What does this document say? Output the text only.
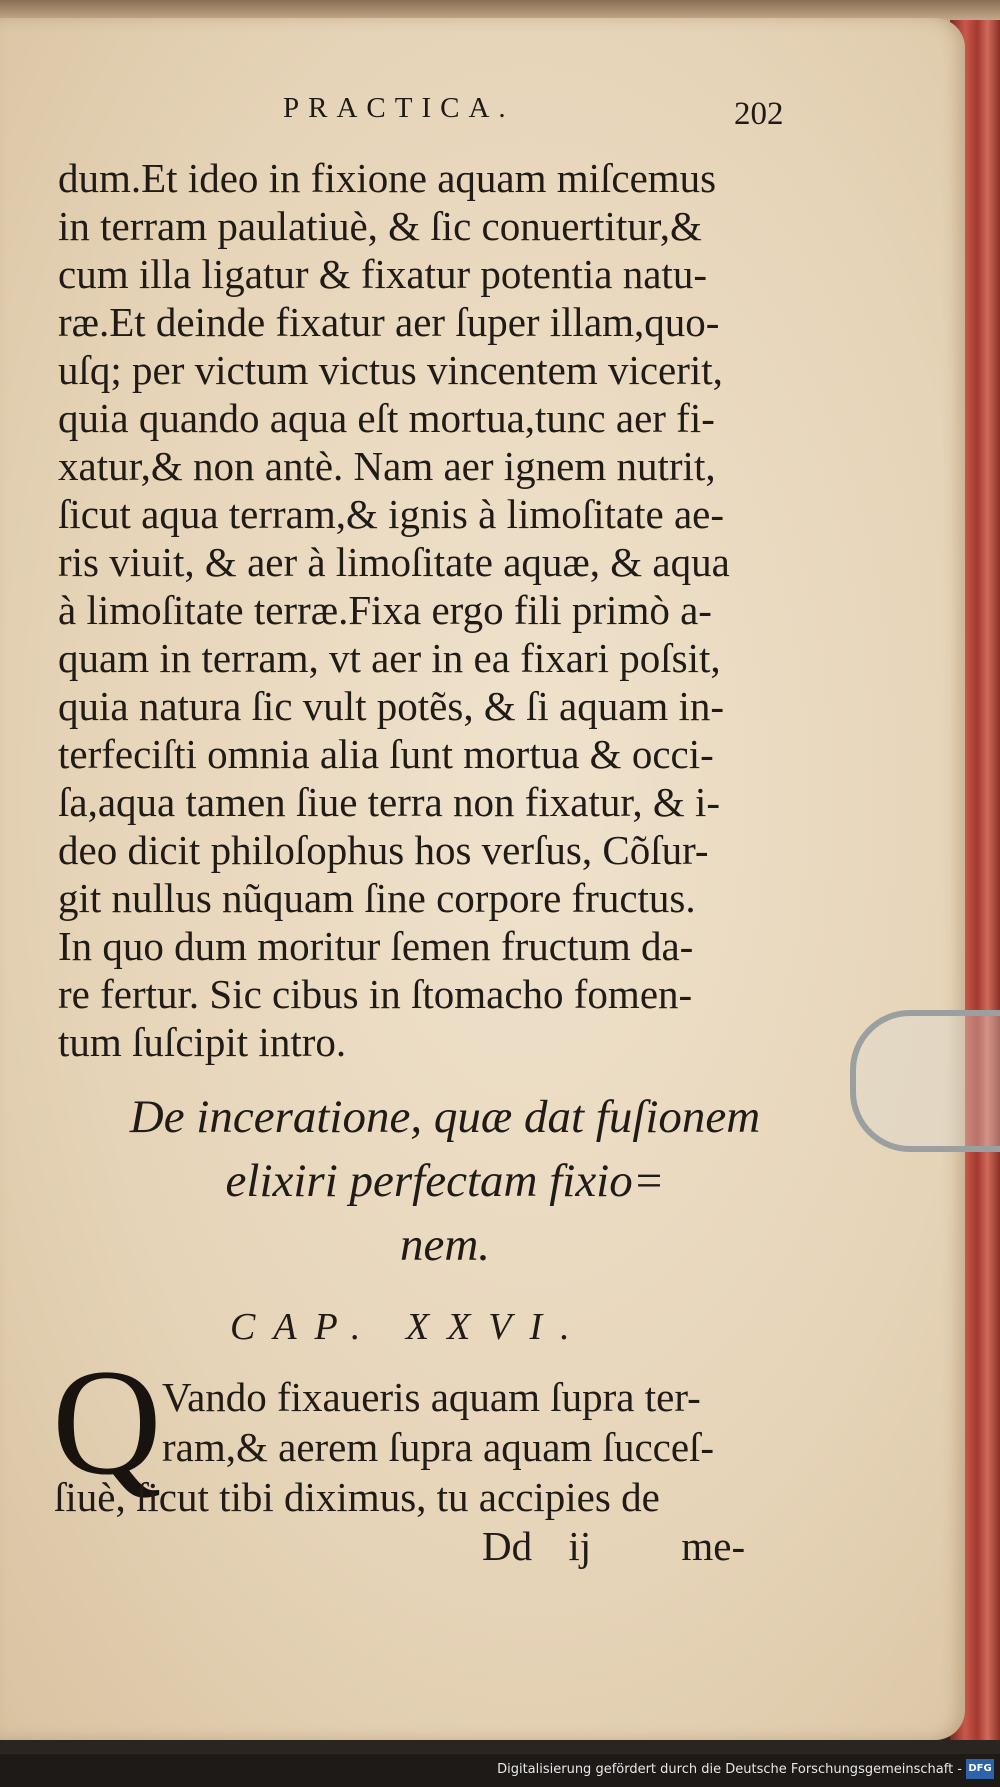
PRACTICA.	202
dum.Et ideo in fixione aquam miſcemus
in terram paulatiuè, & ſic conuertitur,&
cum illa ligatur & fixatur potentia natu-
ræ.Et deinde fixatur aer ſuper illam,quo-
uſq; per victum victus vincentem vicerit,
quia quando aqua eſt mortua,tunc aer fi-
xatur,& non antè. Nam aer ignem nutrit,
ſicut aqua terram,& ignis à limoſitate ae-
ris viuit, & aer à limoſitate aquæ, & aqua
à limoſitate terræ.Fixa ergo fili primò a-
quam in terram, vt aer in ea fixari poſsit,
quia natura ſic vult potẽs, & ſi aquam in-
terfeciſti omnia alia ſunt mortua & occi-
ſa,aqua tamen ſiue terra non fixatur, & i-
deo dicit philoſophus hos verſus, Cõſur-
git nullus nũquam ſine corpore fructus.
In quo dum moritur ſemen fructum da-
re fertur. Sic cibus in ſtomacho fomen-
tum ſuſcipit intro.
De inceratione, quæ dat fuſionem
elixiri perfectam fixio=
nem.
CAP. XXVI.
Q Vando fixaueris aquam ſupra ter-
ram,& aerem ſupra aquam ſucceſ-
ſiuè, ſicut tibi diximus, tu accipies de
Dd ij me-
Digitalisierung gefördert durch die Deutsche Forschungsgemeinschaft - DFG
